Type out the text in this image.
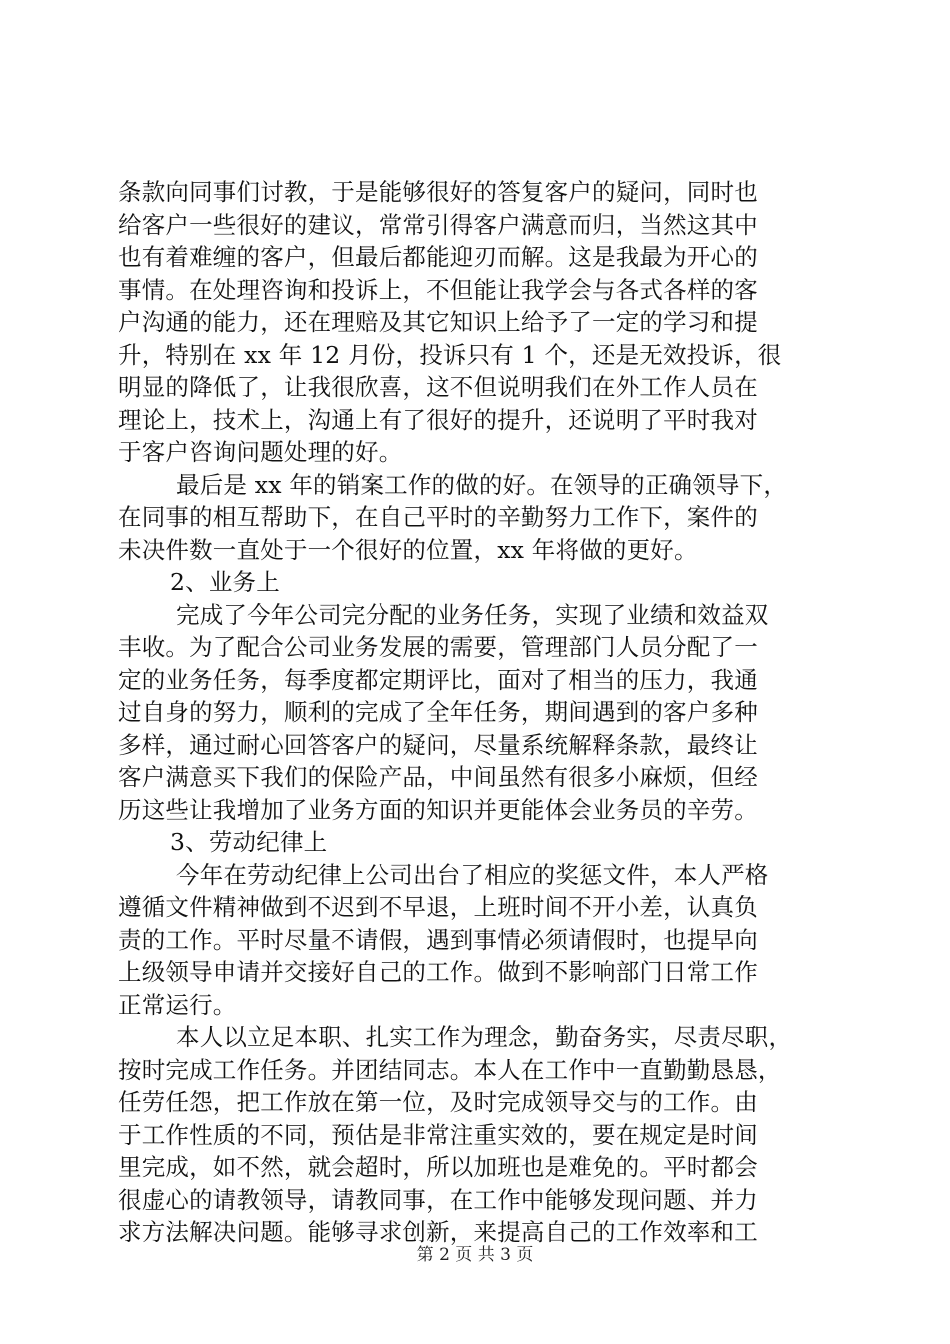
条款向同事们讨教，于是能够很好的答复客户的疑问，同时也
给客户一些很好的建议，常常引得客户满意而归，当然这其中
也有着难缠的客户，但最后都能迎刃而解。这是我最为开心的
事情。在处理咨询和投诉上，不但能让我学会与各式各样的客
户沟通的能力，还在理赔及其它知识上给予了一定的学习和提
升，特别在 xx 年 12 月份，投诉只有 1 个，还是无效投诉，很
明显的降低了，让我很欣喜，这不但说明我们在外工作人员在
理论上，技术上，沟通上有了很好的提升，还说明了平时我对
于客户咨询问题处理的好。
最后是 xx 年的销案工作的做的好。在领导的正确领导下，
在同事的相互帮助下，在自己平时的辛勤努力工作下，案件的
未决件数一直处于一个很好的位置，xx 年将做的更好。
2、业务上
完成了今年公司完分配的业务任务，实现了业绩和效益双
丰收。为了配合公司业务发展的需要，管理部门人员分配了一
定的业务任务，每季度都定期评比，面对了相当的压力，我通
过自身的努力，顺利的完成了全年任务，期间遇到的客户多种
多样，通过耐心回答客户的疑问，尽量系统解释条款，最终让
客户满意买下我们的保险产品，中间虽然有很多小麻烦，但经
历这些让我增加了业务方面的知识并更能体会业务员的辛劳。
3、劳动纪律上
今年在劳动纪律上公司出台了相应的奖惩文件，本人严格
遵循文件精神做到不迟到不早退，上班时间不开小差，认真负
责的工作。平时尽量不请假，遇到事情必须请假时，也提早向
上级领导申请并交接好自己的工作。做到不影响部门日常工作
正常运行。
本人以立足本职、扎实工作为理念，勤奋务实，尽责尽职，
按时完成工作任务。并团结同志。本人在工作中一直勤勤恳恳，
任劳任怨，把工作放在第一位，及时完成领导交与的工作。由
于工作性质的不同，预估是非常注重实效的，要在规定是时间
里完成，如不然，就会超时，所以加班也是难免的。平时都会
很虚心的请教领导，请教同事，在工作中能够发现问题、并力
求方法解决问题。能够寻求创新，来提高自己的工作效率和工
第 2 页 共 3 页
